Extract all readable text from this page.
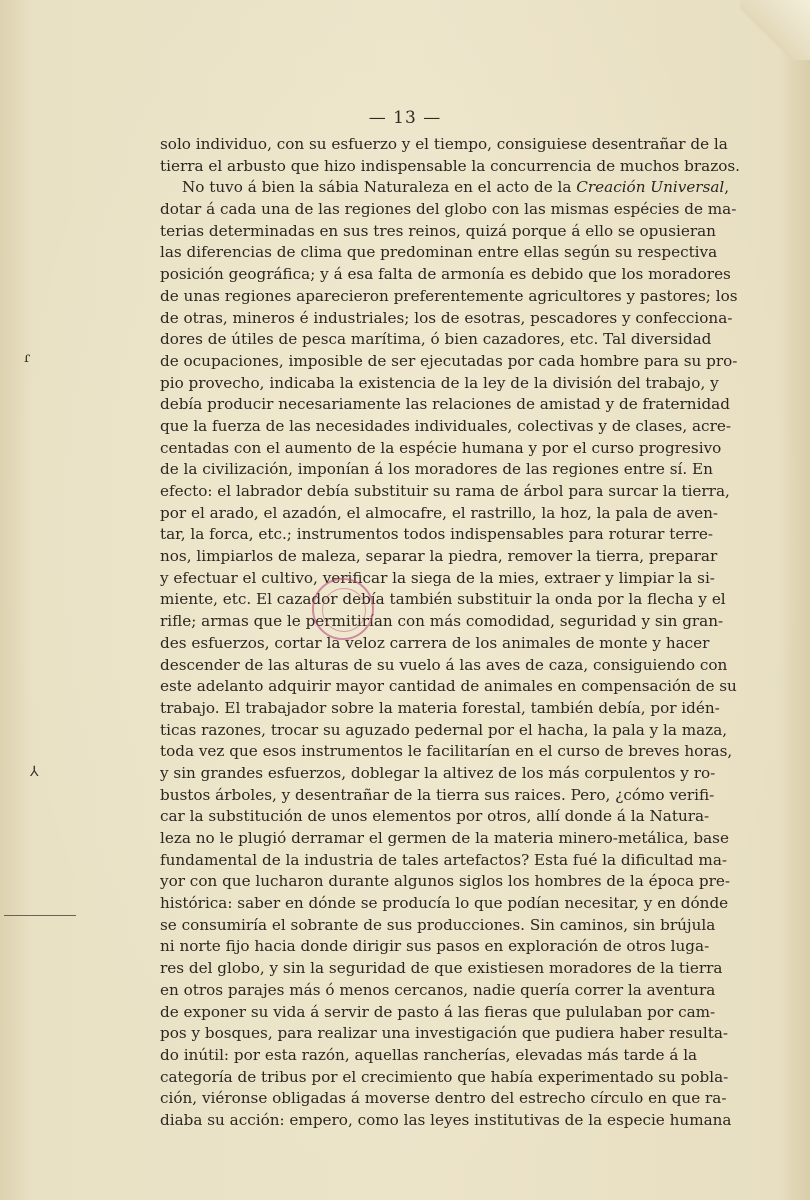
— 13 —
solo individuo, con su esfuerzo y el tiempo, consiguiese desentrañar de la
tierra el arbusto que hizo indispensable la concurrencia de muchos brazos.
No tuvo á bien la sábia Naturaleza en el acto de la Creación Universal,
dotar á cada una de las regiones del globo con las mismas espécies de ma-
terias determinadas en sus tres reinos, quizá porque á ello se opusieran
las diferencias de clima que predominan entre ellas según su respectiva
posición geográfica; y á esa falta de armonía es debido que los moradores
de unas regiones aparecieron preferentemente agricultores y pastores; los
de otras, mineros é industriales; los de esotras, pescadores y confecciona-
dores de útiles de pesca marítima, ó bien cazadores, etc. Tal diversidad
de ocupaciones, imposible de ser ejecutadas por cada hombre para su pro-
pio provecho, indicaba la existencia de la ley de la división del trabajo, y
debía producir necesariamente las relaciones de amistad y de fraternidad
que la fuerza de las necesidades individuales, colectivas y de clases, acre-
centadas con el aumento de la espécie humana y por el curso progresivo
de la civilización, imponían á los moradores de las regiones entre sí. En
efecto: el labrador debía substituir su rama de árbol para surcar la tierra,
por el arado, el azadón, el almocafre, el rastrillo, la hoz, la pala de aven-
tar, la forca, etc.; instrumentos todos indispensables para roturar terre-
nos, limpiarlos de maleza, separar la piedra, remover la tierra, preparar
y efectuar el cultivo, verificar la siega de la mies, extraer y limpiar la si-
miente, etc. El cazador debía también substituir la onda por la flecha y el
rifle; armas que le permitirían con más comodidad, seguridad y sin gran-
des esfuerzos, cortar la veloz carrera de los animales de monte y hacer
descender de las alturas de su vuelo á las aves de caza, consiguiendo con
este adelanto adquirir mayor cantidad de animales en compensación de su
trabajo. El trabajador sobre la materia forestal, también debía, por idén-
ticas razones, trocar su aguzado pedernal por el hacha, la pala y la maza,
toda vez que esos instrumentos le facilitarían en el curso de breves horas,
y sin grandes esfuerzos, doblegar la altivez de los más corpulentos y ro-
bustos árboles, y desentrañar de la tierra sus raices. Pero, ¿cómo verifi-
car la substitución de unos elementos por otros, allí donde á la Natura-
leza no le plugió derramar el germen de la materia minero-metálica, base
fundamental de la industria de tales artefactos? Esta fué la dificultad ma-
yor con que lucharon durante algunos siglos los hombres de la época pre-
histórica: saber en dónde se producía lo que podían necesitar, y en dónde
se consumiría el sobrante de sus producciones. Sin caminos, sin brújula
ni norte fijo hacia donde dirigir sus pasos en exploración de otros luga-
res del globo, y sin la seguridad de que existiesen moradores de la tierra
en otros parajes más ó menos cercanos, nadie quería correr la aventura
de exponer su vida á servir de pasto á las fieras que pululaban por cam-
pos y bosques, para realizar una investigación que pudiera haber resulta-
do inútil: por esta razón, aquellas rancherías, elevadas más tarde á la
categoría de tribus por el crecimiento que había experimentado su pobla-
ción, viéronse obligadas á moverse dentro del estrecho círculo en que ra-
diaba su acción: empero, como las leyes institutivas de la especie humana
ɾ
⅄
